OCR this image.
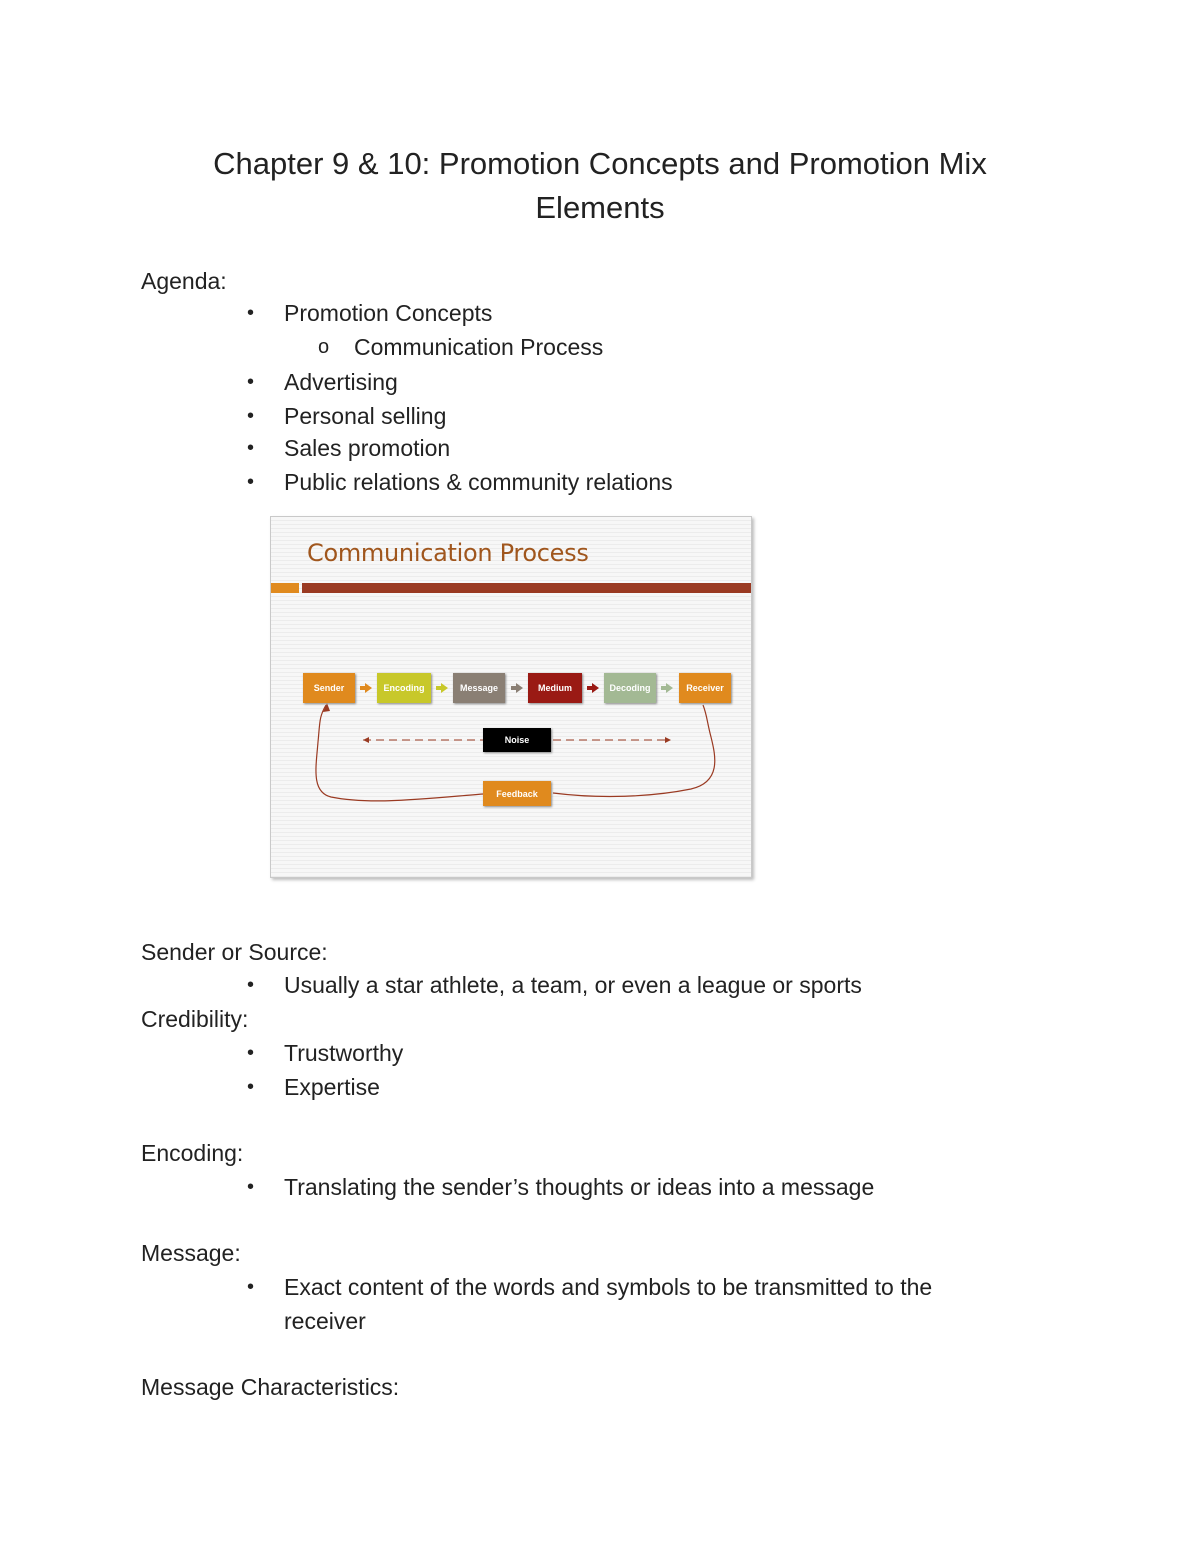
Chapter 9 & 10: Promotion Concepts and Promotion Mix Elements
Agenda:
•	Promotion Concepts
o Communication Process
•	Advertising
•	Personal selling
•	Sales promotion
•	Public relations & community relations
Communication Process
Sender	Encoding	Message	Medium	Decoding	Receiver
Noise
Feedback
Sender or Source:
•	Usually a star athlete, a team, or even a league or sports
Credibility:
•	Trustworthy
•	Expertise
Encoding:
•	Translating the sender’s thoughts or ideas into a message
Message:
•	Exact content of the words and symbols to be transmitted to the receiver
Message Characteristics:
